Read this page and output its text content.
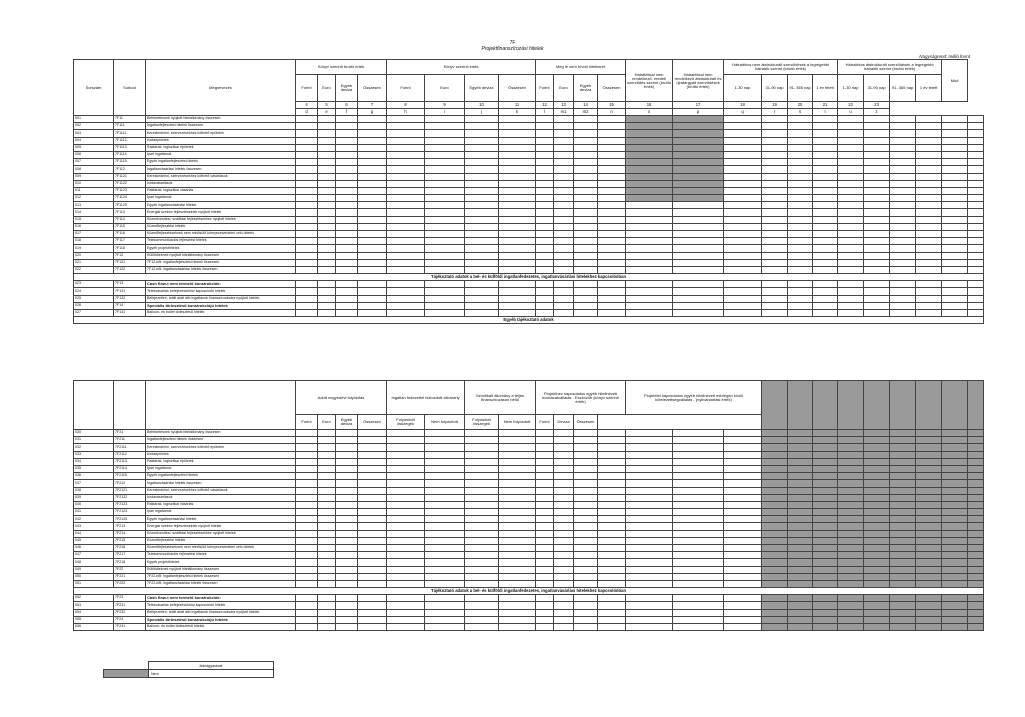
7F
Projektfinanszírozási hitelek
Nagyságrend: millió forint
Sorszám	Sorkód	Megnevezés	Könyv szerinti bruttó érték				Könyv szerinti érték				Még le nem hívott hitelkeret				Hátralékkal nem rendelkező, eredeti szerződés szerint (bruttó érték)	Hátralékkal nem rendelkező átstrukturált és újratárgyalt szerződések (bruttó érték)	Hátralékos nem átstrukturált szerződések a legrégebbi hátralék szerint (bruttó érték)				Hátralékos átstrukturált szerződések a legrégebbi hátralék szerint (bruttó érték)				Mód	
			Forint	Euro	Egyéb deviza	Összesen	Forint	Euro	Egyéb deviza	Összesen	Forint	Euro	Egyéb deviza	Összesen			1-30 nap	31-90 nap	91- 365 nap	1 év felett	1-30 nap	31-90 nap	91- 365 nap	1 év felett		
			4	5	6	7	8	9	10	11	12	13	14	15	16	17	18	19	20	21	22	23				
			d	e	f	g	h	i	j	k	l	m1	m2	n	o	p	q	r	s	t	u	z				
001	7F11	Befektetésnek nyújtott hitelállomány összesen																								
002	7F111	Ingatlanfejlesztési hitelek összesen																								
003	7F1111	Kereskedelmi, szervezésekhez köthető épületek																								
004	7F1112	Irodaépületek																								
005	7F1113	Raktárak, logisztikai épületek																								
006	7F1114	Ipari ingatlanok																								
007	7F1115	Egyéb ingatlanfejlesztési hitelek																								
008	7F112	Ingatlanvásárlási hitelek összesen																								
009	7F1121	Kereskedelmi, szervezésekhez köthető vásárlások																								
010	7F1122	Irodavásárlások																								
011	7F1123	Raktárak, logisztikai vásárlás																								
012	7F1124	Ipari ingatlanok																								
013	7F1125	Egyéb ingatlanvásárlási hitelek																								
014	7F113	Energiai szektor fejlesztéseinek nyújtott hitelek																								
015	7F114	Közművesítési, szállítási fejlesztésekhez nyújtott hitelek																								
016	7F115	Közműfejlesztési hitelek																								
017	7F116	Közműfejlesztéseknek nem minősülő környezetvédelmi célú hitelek																								
018	7F117	Telekommunikációs fejlesztési hitelek																								
019	7F118	Egyéb projekthitelek																								
020	7F12	Külföldieknek nyújtott hitelállomány összesen																								
021	7F121	7F12-ből: ingatlanfejlesztési hitelek összesen																								
022	7F122	7F12-ből: ingatlanvásárlási hitelek összesen																								
Tájékoztató adatok a bel- és külföldi ingatlanfedezetes, ingatlanvásárlási hitelekhez kapcsolódóan																										
023	7F13	Cash flow-t nem termelő konstrukciók:																								
024	7F131	Telekvásárlás befejezésükhöz kapcsolódó hitelek																								
025	7F132	Befejezetlen, leállt alatt álló ingatlanok finanszírozására nyújtott hitelek																								
026	7F14	Speciális törlesztésű konstrukciójú hitelek																								
027	7F141	Balloon- és bullet törlesztésű hitelek																								
Egyéb tájékoztató adatok																										
			Adott negyedévi folyósítás				Ingatlan fedezettel biztosított állomány		Szindikált állomány a teljes finanszírozáson belül		Projekthez kapcsolatos egyéb hitelinézeti kockázatvállalás - Eszközök (könyv szerinti érték)				Projekttel kapcsolatos egyéb hitelinézeti mérlegen kívüli kötelezettségvállalás - (nyilvántartási érték)											
			Forint	Euro	Egyéb deviza	Összesen	Folyósított összegek	Nem folyósított	Folyósított összegek	Nem folyósított	Forint	Deviza	Összesen													
030	7F21	Befektetésnek nyújtott hitelállomány összesen																								
031	7F211	Ingatlanfejlesztési hitelek összesen																								
032	7F2111	Kereskedelmi, szervezésekhez köthető épületek																								
033	7F2112	Irodaépületek																								
034	7F2113	Raktárak, logisztikai épületek																								
035	7F2114	Ipari ingatlanok																								
036	7F2115	Egyéb ingatlanfejlesztési hitelek																								
037	7F212	Ingatlanvásárlási hitelek összesen																								
038	7F2121	Kereskedelmi, szervezésekhez köthető vásárlások																								
039	7F2122	Irodavásárlások																								
040	7F2123	Raktárak, logisztikai vásárlás																								
041	7F2124	Ipari ingatlanok																								
042	7F2125	Egyéb ingatlanvásárlási hitelek																								
043	7F213	Energiai szektor fejlesztéseinek nyújtott hitelek																								
044	7F214	Közművesítési, szállítási fejlesztésekhez nyújtott hitelek																								
045	7F215	Közműfejlesztési hitelek																								
046	7F216	Közműfejlesztéseknek nem minősülő környezetvédelmi célú hitelek																								
047	7F217	Telekommunikációs fejlesztési hitelek																								
048	7F218	Egyéb projekthitelek																								
049	7F22	Külföldieknek nyújtott hitelállomány összesen																								
050	7F221	7F22-ből: ingatlanfejlesztési hitelek összesen																								
051	7F222	7F22-ből: ingatlanvásárlási hitelek összesen																								
Tájékoztató adatok a bel- és külföldi ingatlanfedezetes, ingatlanvásárlási hitelekhez kapcsolódóan																										
052	7F23	Cash flow-t nem termelő konstrukciók:																								
053	7F231	Telekvásárlás befejezésükhöz kapcsolódó hitelek																								
054	7F232	Befejezetlen, leállt alatt álló ingatlanok finanszírozására nyújtott hitelek																								
055	7F24	Speciális törlesztésű konstrukciójú hitelek																								
056	7F241	Balloon- és bullet törlesztésű hitelek																								
	Jelmagyarázat:
	Nem
